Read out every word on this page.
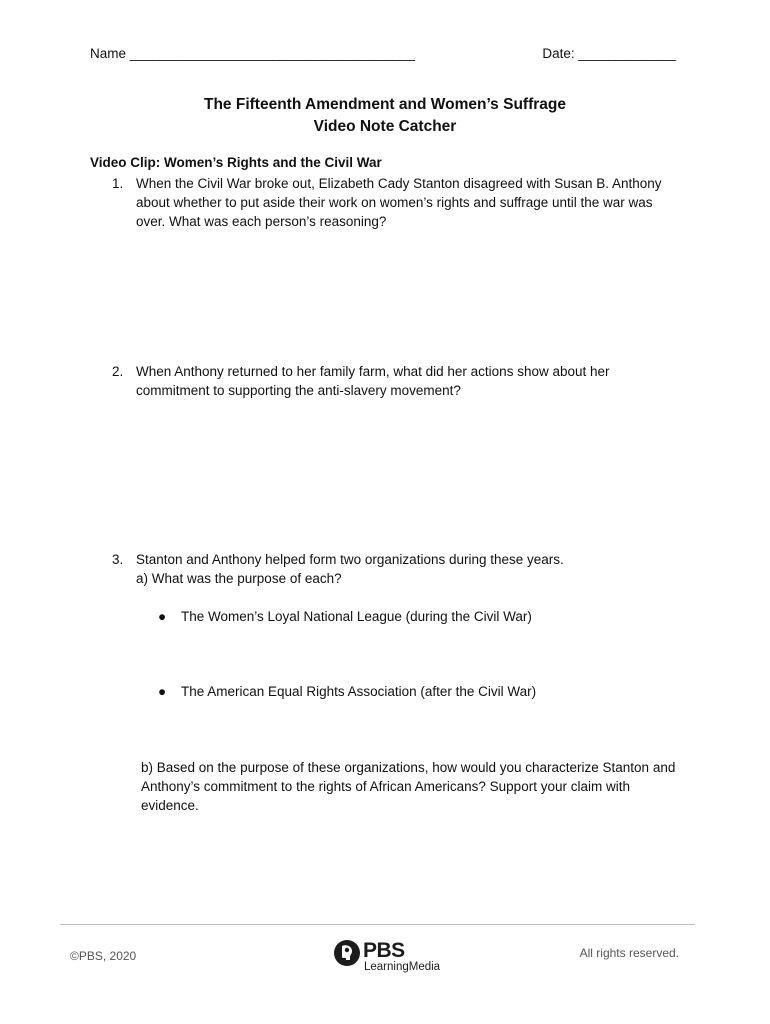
Name ______________________________________	Date: _____________
The Fifteenth Amendment and Women’s Suffrage
Video Note Catcher
Video Clip: Women’s Rights and the Civil War
1. When the Civil War broke out, Elizabeth Cady Stanton disagreed with Susan B. Anthony about whether to put aside their work on women’s rights and suffrage until the war was over. What was each person’s reasoning?
2. When Anthony returned to her family farm, what did her actions show about her commitment to supporting the anti-slavery movement?
3. Stanton and Anthony helped form two organizations during these years.
a) What was the purpose of each?
● The Women’s Loyal National League (during the Civil War)
● The American Equal Rights Association (after the Civil War)
b) Based on the purpose of these organizations, how would you characterize Stanton and Anthony’s commitment to the rights of African Americans? Support your claim with evidence.
©PBS, 2020	PBS
LearningMedia
All rights reserved.
